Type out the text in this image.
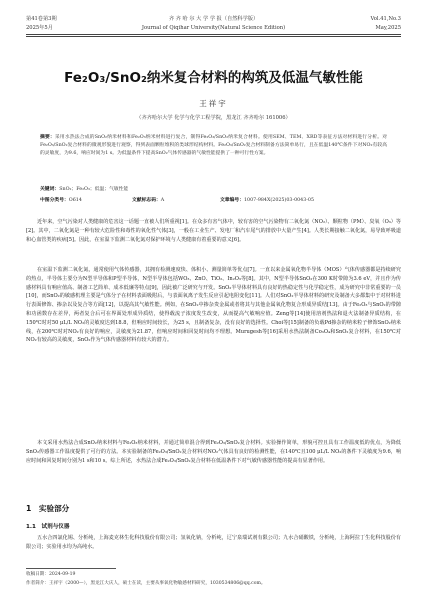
第41卷第3期	齐 齐 哈 尔 大 学 学 报（自然科学版）	Vol.41,No.3
2025年5月	Journal of Qiqihar University(Natural Science Edition)	May,2025
Fe₂O₃/SnO₂纳米复合材料的构筑及低温气敏性能
王祥宇
（齐齐哈尔大学 化学与化学工程学院，黑龙江 齐齐哈尔 161006）
摘要：采用水热法合成的SnO₂纳米材料和Fe₂O₃纳米材料进行复合，制得Fe₂O₃/SnO₂纳米复合材料。使用SEM、TEM、XRD等表征方法对材料进行分析。对Fe₂O₃/SnO₂复合材料的微观形貌进行观察，得到表面颗粒堆积的类球形结构材料。Fe₂O₃/SnO₂复合材料制备方法简单易行，且在低温140℃条件下对NO₂有较高的灵敏度，为9.6，响应时间为1 s。为低温条件下提高SnO₂气体传感器的气敏性能提供了一种可行性方案。
关键词：SnO₂；Fe₂O₃；低温；气敏性能
中图分类号：O614	文献标志码：A	文章编号：1007-984X(2025)03-0043-05
近年来，空气污染对人类健康的危害这一话题一直被人们所重视[1]。在众多有害气体中，较有害的空气污染物有二氧化氮（NO₂）、颗粒物（PM）、臭氧（O₃）等[2]。其中，二氧化氮是一种有较大危险性和毒性的氧化性气体[3]，一般在工业生产、发电厂和汽车尾气的排放中大量产生[4]。人类长期接触二氧化氮，易导致呼吸道和心血管类的疾病[5]。因此，在室温下监测二氧化氮对保护环境与人类健康有着重要的意义[6]。
在室温下监测二氧化氮，通常使用气体传感器，其拥有检测速度快、体积小、测量简单等优点[7]。一直以来金属氧化物半导体（MOS）气体传感器都是持续研究的热点，半导体主要分为N型半导体和P型半导体，N型半导体包括WO₃、ZnO、TiO₂、In₂O₃等[8]。其中，N型半导体SnO₂在300 K时带隙为3.6 eV，并且作为传感材料具有响应值高、制备工艺简单、成本低廉等特点[9]，因此被广泛研究与开发。SnO₂半导体材料具有良好的热稳定性与化学稳定性，成为研究中非常重要的一员[10]，而SnO₂的敏感机理主要是气体分子在材料表面吸附后，与表面氧离子发生反应引起电阻变化[11]。人们对SnO₂半导体材料的研究及制备大多都集中于对材料进行表面修饰、掺杂以及复合等方面[12]，以提高其气敏性能。例如，在SnO₂中掺杂贵金属或者将其与其他金属氧化物复合形成异质结[13]。由于Fe₂O₃与SnO₂的带隙和功函数存在差异，两者复合后可在界面处形成异质结，使得载流子浓度发生改变，从而提高气敏响应值。Zeng等[14]使用溶剂热法和退火法制备异质结构，在150℃时对50 μL/L NO₂的灵敏度达到18.8，但响应时间较长，为25 s，且制备复杂，没有良好的选择性。Choi等[15]制备的负载Pd掺杂的纳米粒子修饰SnO₂纳米线，在200℃时对NO₂有良好的响应，灵敏度为21.87，但响应时间和回复时间均不理想。Murugesh等[16]采用水热法制备Co₃O₄和SnO₂复合材料，在150℃对NO₂有较高的灵敏度，SnO₂作为气体传感器材料有较大的潜力。
本文采用水热法合成SnO₂纳米材料与Fe₂O₃纳米材料，并通过简单混合得到Fe₂O₃/SnO₂复合材料。实验操作简单，形貌可控且具有工作温度低的优点，为降低SnO₂传感器工作温度提供了可行的方法。本实验制备的Fe₂O₃/SnO₂复合材料对NO₂气体具有良好的检测性能，在140℃且100 μL/L NO₂的条件下灵敏度为9.6，响应时间和回复时间分别为1 s和10 s。综上所述，水热法合成Fe₂O₃/SnO₂复合材料在低温条件下对气敏传感器性能的提高有显著作用。
1　实验部分
1.1　试剂与仪器
五水合四氯化锡、分析纯，上海麦克林生化科技股份有限公司；氢氧化钠，分析纯，辽宁泉瑞试剂有限公司；九水合硝酸铁，分析纯，上海阿拉丁生化科技股份有限公司；实验用水均为高纯水。
收稿日期：2024-09-19
作者简介：王祥宇（2000—），黑龙江大庆人，硕士在读，主要从事氧化物敏感材料研究，1030534806@qq.com。
